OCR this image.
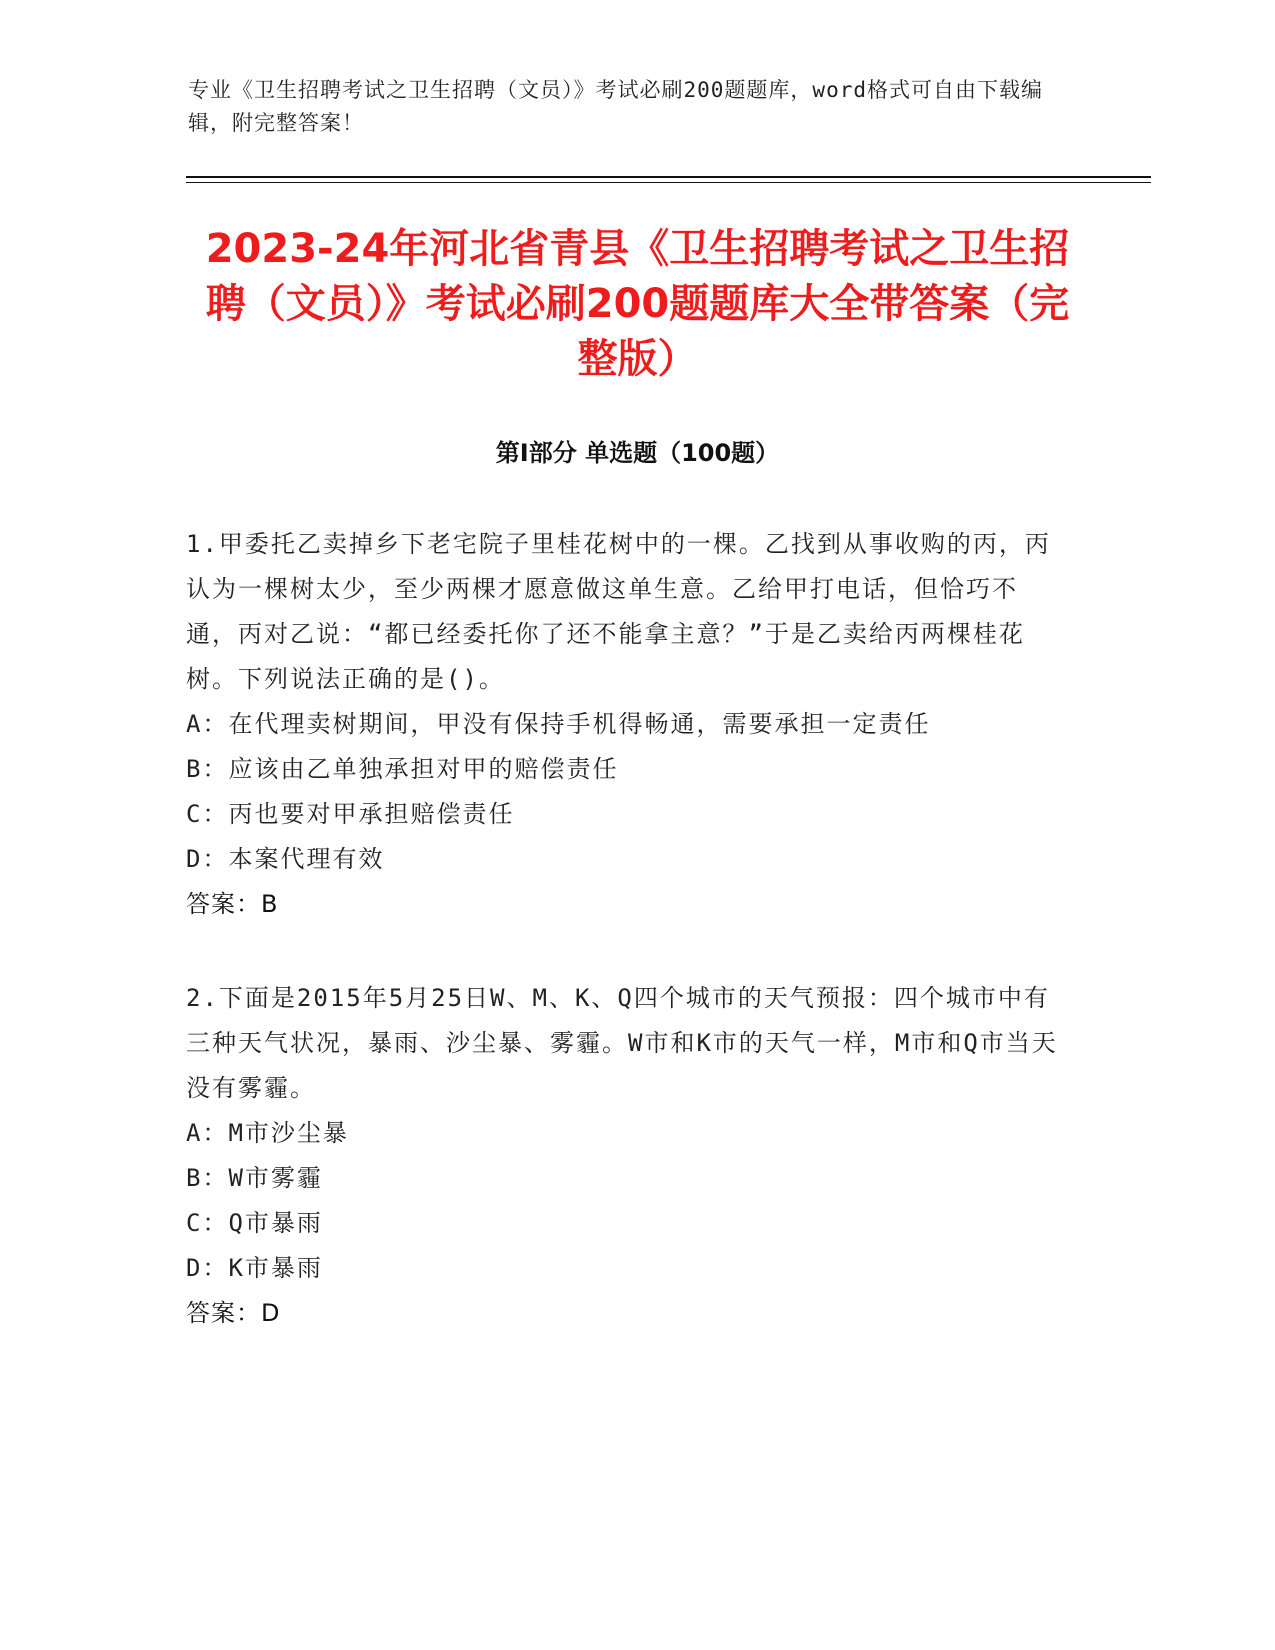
专业《卫生招聘考试之卫生招聘（文员）》考试必刷200题题库，word格式可自由下载编辑，附完整答案！
2023-24年河北省青县《卫生招聘考试之卫生招聘（文员）》考试必刷200题题库大全带答案（完整版）
第I部分 单选题（100题）

1.甲委托乙卖掉乡下老宅院子里桂花树中的一棵。乙找到从事收购的丙，丙认为一棵树太少，至少两棵才愿意做这单生意。乙给甲打电话，但恰巧不通，丙对乙说：“都已经委托你了还不能拿主意？”于是乙卖给丙两棵桂花树。下列说法正确的是()。

A：在代理卖树期间，甲没有保持手机得畅通，需要承担一定责任

B：应该由乙单独承担对甲的赔偿责任

C：丙也要对甲承担赔偿责任

D：本案代理有效

答案：B

2.下面是2015年5月25日W、M、K、Q四个城市的天气预报：四个城市中有三种天气状况，暴雨、沙尘暴、雾霾。W市和K市的天气一样，M市和Q市当天没有雾霾。

A：M市沙尘暴

B：W市雾霾

C：Q市暴雨

D：K市暴雨

答案：D
